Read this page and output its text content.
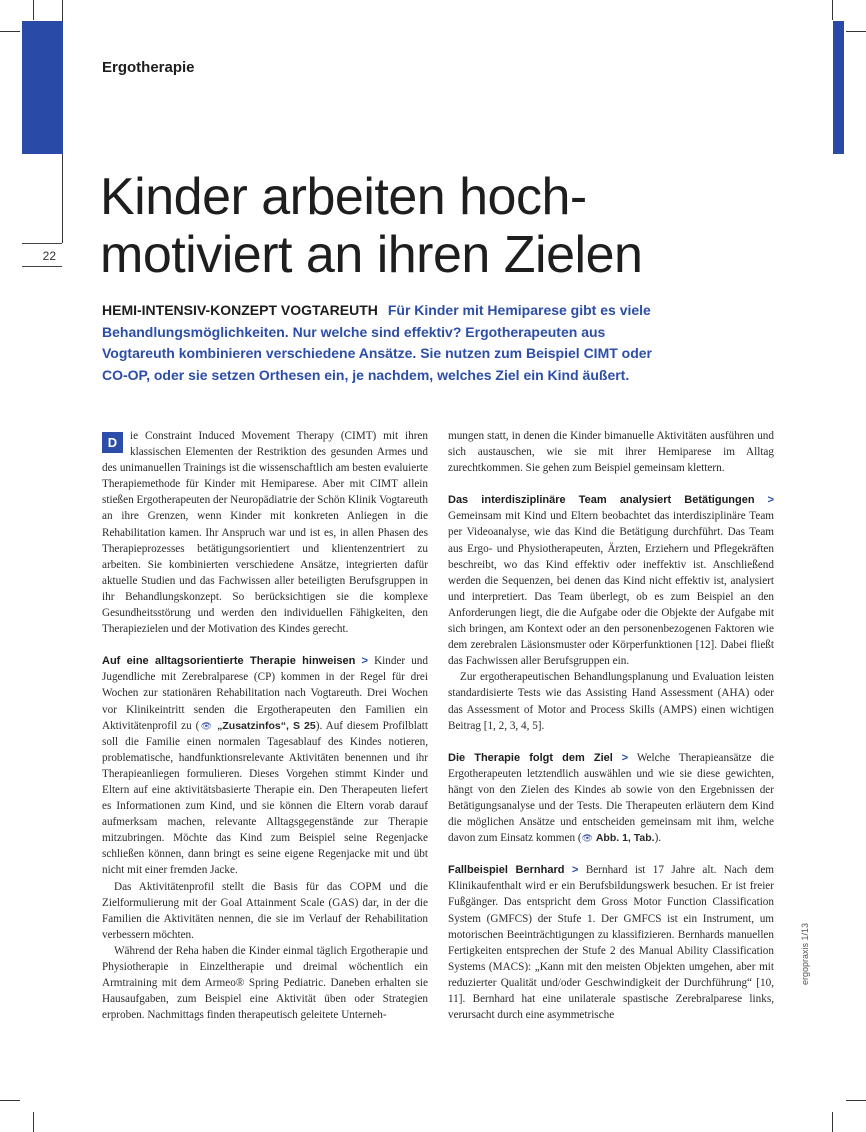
22
Ergotherapie
Kinder arbeiten hoch-
motiviert an ihren Zielen
HEMI-INTENSIV-KONZEPT VOGTAREUTH Für Kinder mit Hemiparese gibt es viele Behandlungsmöglichkeiten. Nur welche sind effektiv? Ergotherapeuten aus Vogtareuth kombinieren verschiedene Ansätze. Sie nutzen zum Beispiel CIMT oder CO-OP, oder sie setzen Orthesen ein, je nachdem, welches Ziel ein Kind äußert.

D	ie Constraint Induced Movement Therapy (CIMT) mit ihren klassischen Elementen der Restriktion des gesunden Armes und des unimanuellen Trainings ist die wissenschaftlich am besten evaluierte Therapiemethode für Kinder mit Hemiparese. Aber mit CIMT allein stießen Ergotherapeuten der Neuropädiatrie der Schön Klinik Vogtareuth an ihre Grenzen, wenn Kinder mit konkreten Anliegen in die Rehabilitation kamen. Ihr Anspruch war und ist es, in allen Phasen des Therapieprozesses betätigungsorientiert und klientenzentriert zu arbeiten. Sie kombinierten verschiedene Ansätze, integrierten dafür aktuelle Studien und das Fachwissen aller beteiligten Berufsgruppen in ihr Behandlungskonzept. So berücksichtigen sie die komplexe Gesundheitsstörung und werden den individuellen Fähigkeiten, den Therapiezielen und der Motivation des Kindes gerecht.

Auf eine alltagsorientierte Therapie hinweisen > Kinder und Jugendliche mit Zerebralparese (CP) kommen in der Regel für drei Wochen zur stationären Rehabilitation nach Vogtareuth. Drei Wochen vor Klinikeintritt senden die Ergotherapeuten den Familien ein Aktivitätenprofil zu (👁 „Zusatzinfos“, S 25). Auf diesem Profilblatt soll die Familie einen normalen Tagesablauf des Kindes notieren, problematische, handfunktionsrelevante Aktivitäten benennen und ihr Therapieanliegen formulieren. Dieses Vorgehen stimmt Kinder und Eltern auf eine aktivitätsbasierte Therapie ein. Den Therapeuten liefert es Informationen zum Kind, und sie können die Eltern vorab darauf aufmerksam machen, relevante Alltagsgegenstände zur Therapie mitzubringen. Möchte das Kind zum Beispiel seine Regenjacke schließen können, dann bringt es seine eigene Regenjacke mit und übt nicht mit einer fremden Jacke.

Das Aktivitätenprofil stellt die Basis für das COPM und die Zielformulierung mit der Goal Attainment Scale (GAS) dar, in der die Familien die Aktivitäten nennen, die sie im Verlauf der Rehabilitation verbessern möchten.

Während der Reha haben die Kinder einmal täglich Ergotherapie und Physiotherapie in Einzeltherapie und dreimal wöchentlich ein Armtraining mit dem Armeo® Spring Pediatric. Daneben erhalten sie Hausaufgaben, zum Beispiel eine Aktivität üben oder Strategien erproben. Nachmittags finden therapeutisch geleitete Unterneh-

mungen statt, in denen die Kinder bimanuelle Aktivitäten ausführen und sich austauschen, wie sie mit ihrer Hemiparese im Alltag zurechtkommen. Sie gehen zum Beispiel gemeinsam klettern.

Das interdisziplinäre Team analysiert Betätigungen > Gemeinsam mit Kind und Eltern beobachtet das interdisziplinäre Team per Videoanalyse, wie das Kind die Betätigung durchführt. Das Team aus Ergo- und Physiotherapeuten, Ärzten, Erziehern und Pflegekräften beschreibt, wo das Kind effektiv oder ineffektiv ist. Anschließend werden die Sequenzen, bei denen das Kind nicht effektiv ist, analysiert und interpretiert. Das Team überlegt, ob es zum Beispiel an den Anforderungen liegt, die die Aufgabe oder die Objekte der Aufgabe mit sich bringen, am Kontext oder an den personenbezogenen Faktoren wie dem zerebralen Läsionsmuster oder Körperfunktionen [12]. Dabei fließt das Fachwissen aller Berufsgruppen ein.

Zur ergotherapeutischen Behandlungsplanung und Evaluation leisten standardisierte Tests wie das Assisting Hand Assessment (AHA) oder das Assessment of Motor and Process Skills (AMPS) einen wichtigen Beitrag [1, 2, 3, 4, 5].

Die Therapie folgt dem Ziel > Welche Therapieansätze die Ergotherapeuten letztendlich auswählen und wie sie diese gewichten, hängt von den Zielen des Kindes ab sowie von den Ergebnissen der Betätigungsanalyse und der Tests. Die Therapeuten erläutern dem Kind die möglichen Ansätze und entscheiden gemeinsam mit ihm, welche davon zum Einsatz kommen (👁 Abb. 1, Tab.).

Fallbeispiel Bernhard > Bernhard ist 17 Jahre alt. Nach dem Klinikaufenthalt wird er ein Berufsbildungswerk besuchen. Er ist freier Fußgänger. Das entspricht dem Gross Motor Function Classification System (GMFCS) der Stufe 1. Der GMFCS ist ein Instrument, um motorischen Beeinträchtigungen zu klassifizieren. Bernhards manuellen Fertigkeiten entsprechen der Stufe 2 des Manual Ability Classification Systems (MACS): „Kann mit den meisten Objekten umgehen, aber mit reduzierter Qualität und/oder Geschwindigkeit der Durchführung“ [10, 11]. Bernhard hat eine unilaterale spastische Zerebralparese links, verursacht durch eine asymmetrische

ergopraxis 1/13
